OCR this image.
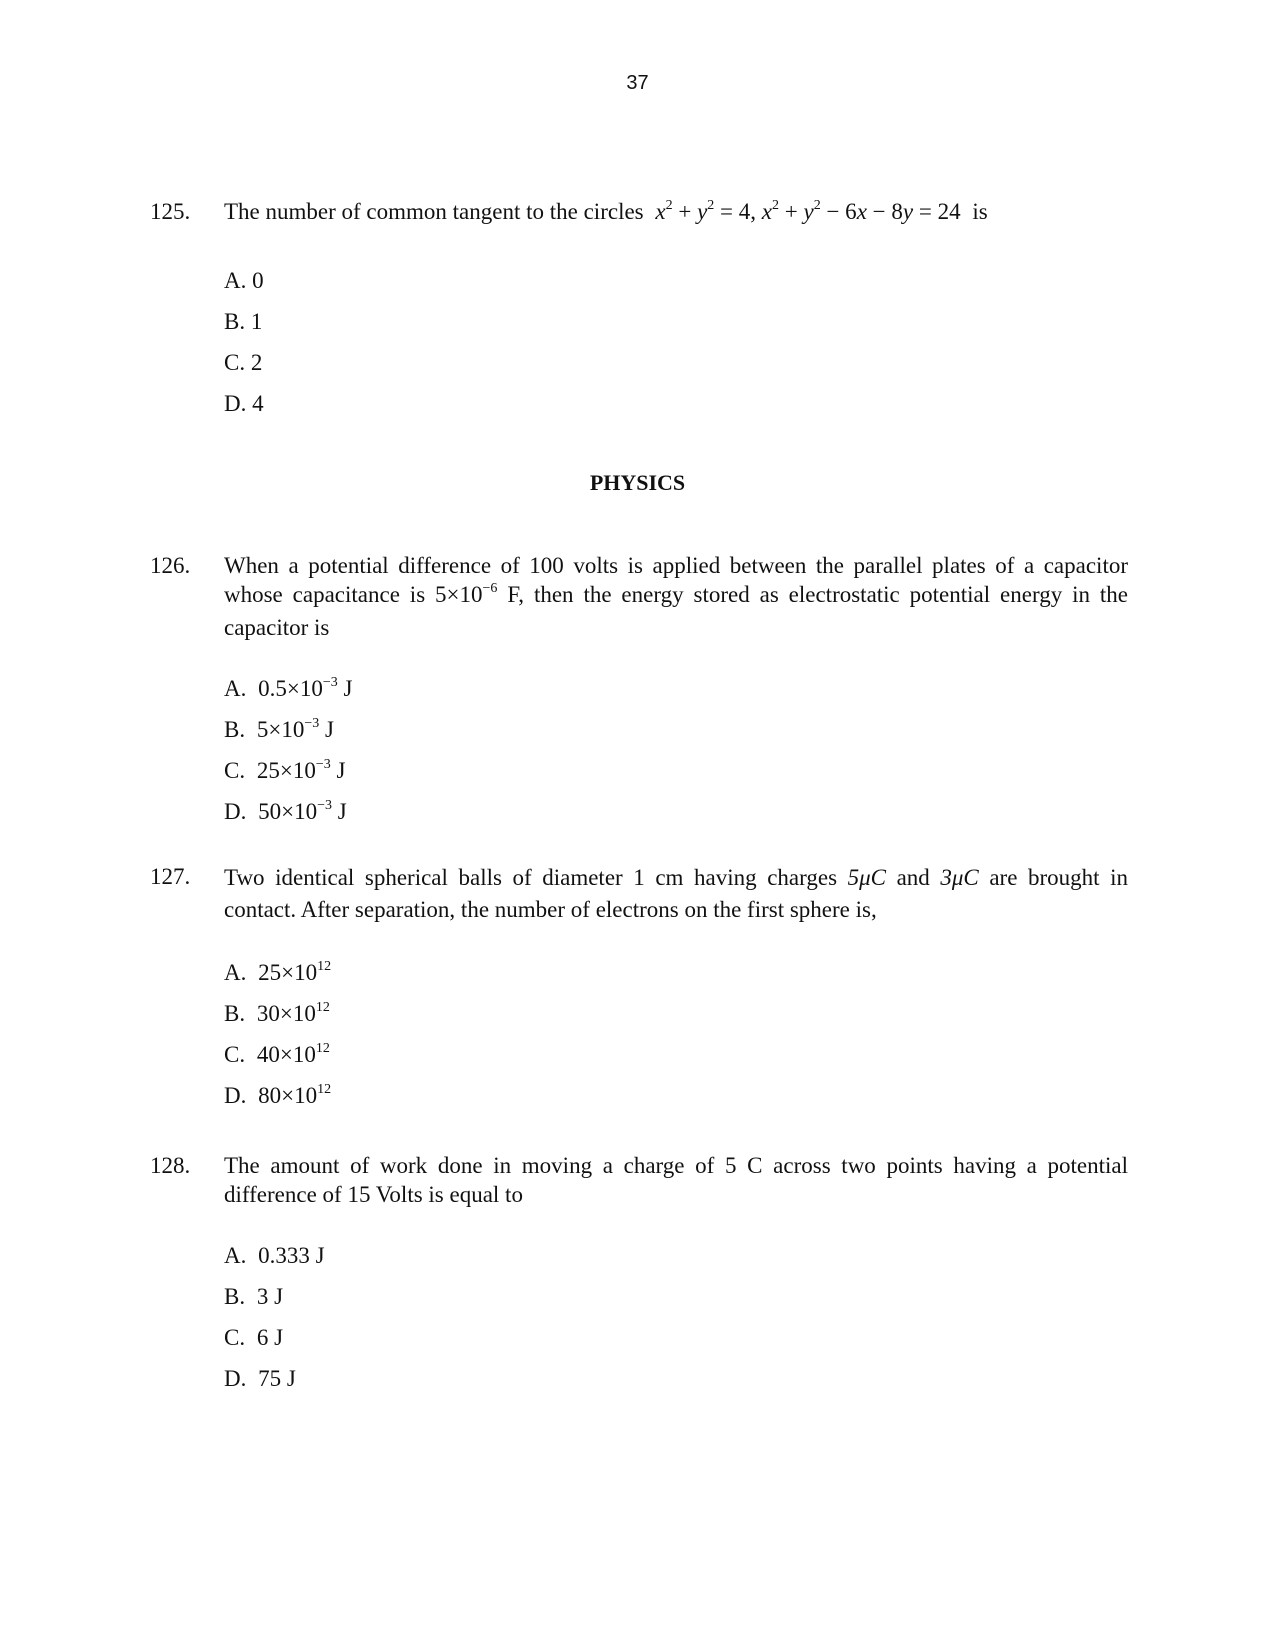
37
125. The number of common tangent to the circles $x^2 + y^2 = 4$, $x^2 + y^2 - 6x - 8y = 24$ is
A. 0
B. 1
C. 2
D. 4
PHYSICS
126. When a potential difference of 100 volts is applied between the parallel plates of a capacitor whose capacitance is $5\times 10^{-6}$ F, then the energy stored as electrostatic potential energy in the capacitor is
A. $0.5\times 10^{-3}$ J
B. $5\times 10^{-3}$ J
C. $25\times 10^{-3}$ J
D. $50\times 10^{-3}$ J
127. Two identical spherical balls of diameter 1 cm having charges 5μC and 3μC are brought in contact. After separation, the number of electrons on the first sphere is,
A. $25\times 10^{12}$
B. $30\times 10^{12}$
C. $40\times 10^{12}$
D. $80\times 10^{12}$
128. The amount of work done in moving a charge of 5 C across two points having a potential difference of 15 Volts is equal to
A. 0.333 J
B. 3 J
C. 6 J
D. 75 J
